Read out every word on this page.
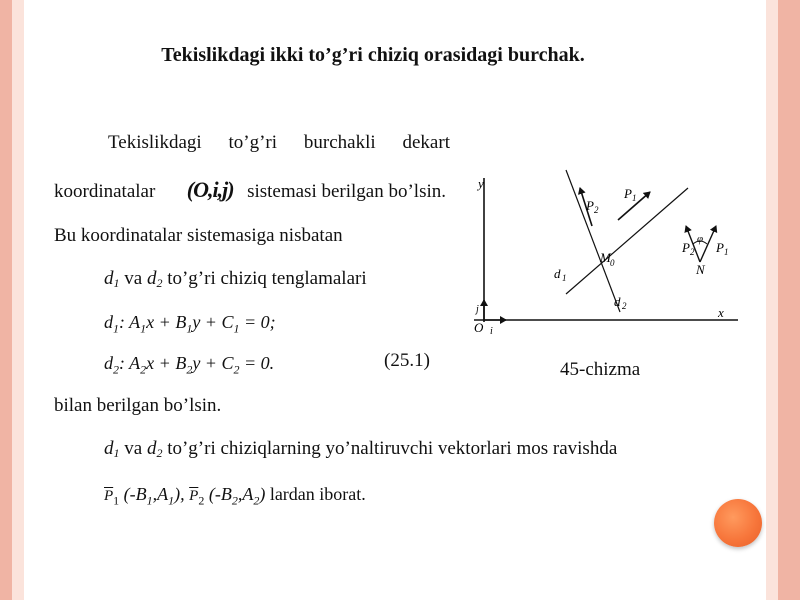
Tekislikdagi ikki to’g’ri chiziq orasidagi burchak.
Tekislikdagi to’g’ri burchakli dekart
koordinatalar (O,i,j) sistemasi berilgan bo’lsin.
Bu koordinatalar sistemasiga nisbatan
d1 va d2 to’g’ri chiziq tenglamalari
$d_1$: $A_1x + B_1y + C_1 = 0$;
$d_2$: $A_2x + B_2y + C_2 = 0$.	(25.1)	45-chizma
bilan berilgan bo’lsin.
d1 va d2 to’g’ri chiziqlarning yo’naltiruvchi vektorlari mos ravishda
$\overline{P}_1$ $(-B_1,A_1)$, $\overline{P}_2$ $(-B_2,A_2)$ lardan iborat.
y
x
O i
j
d 1
d 2
M 0
P 2
P 1
P 2
φ
P 1
N
